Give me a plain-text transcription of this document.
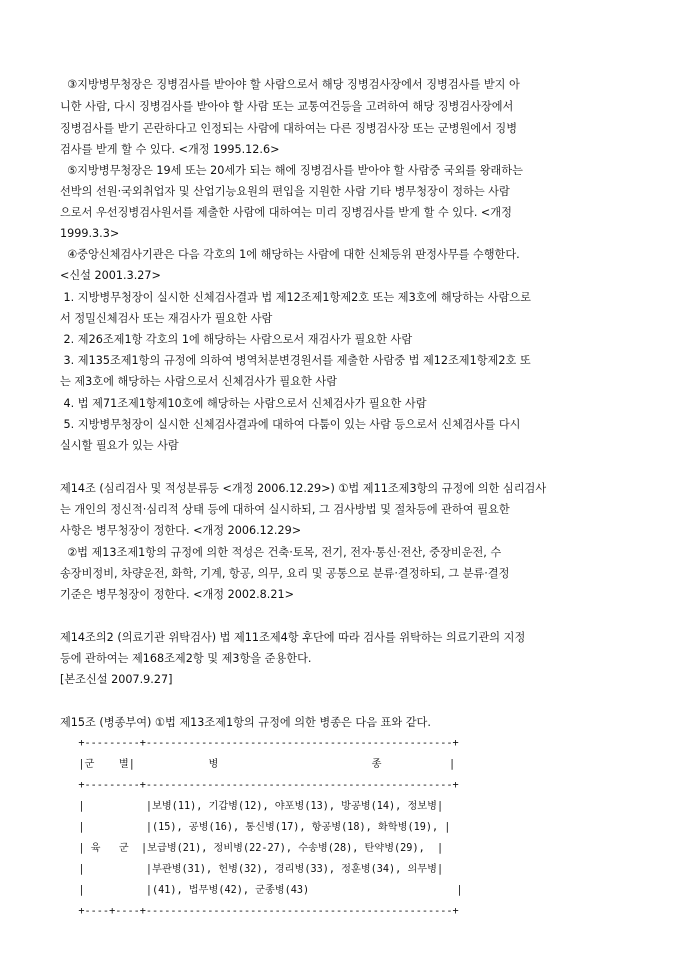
③지방병무청장은 징병검사를 받아야 할 사람으로서 해당 징병검사장에서 징병검사를 받지 아
니한 사람, 다시 징병검사를 받아야 할 사람 또는 교통여건등을 고려하여 해당 징병검사장에서
징병검사를 받기 곤란하다고 인정되는 사람에 대하여는 다른 징병검사장 또는 군병원에서 징병
검사를 받게 할 수 있다. <개정 1995.12.6>
⑤지방병무청장은 19세 또는 20세가 되는 해에 징병검사를 받아야 할 사람중 국외를 왕래하는
선박의 선원·국외취업자 및 산업기능요원의 편입을 지원한 사람 기타 병무청장이 정하는 사람
으로서 우선징병검사원서를 제출한 사람에 대하여는 미리 징병검사를 받게 할 수 있다. <개정
1999.3.3>
④중앙신체검사기관은 다음 각호의 1에 해당하는 사람에 대한 신체등위 판정사무를 수행한다.
<신설 2001.3.27>
1. 지방병무청장이 실시한 신체검사결과 법 제12조제1항제2호 또는 제3호에 해당하는 사람으로
서 정밀신체검사 또는 재검사가 필요한 사람
2. 제26조제1항 각호의 1에 해당하는 사람으로서 재검사가 필요한 사람
3. 제135조제1항의 규정에 의하여 병역처분변경원서를 제출한 사람중 법 제12조제1항제2호 또
는 제3호에 해당하는 사람으로서 신체검사가 필요한 사람
4. 법 제71조제1항제10호에 해당하는 사람으로서 신체검사가 필요한 사람
5. 지방병무청장이 실시한 신체검사결과에 대하여 다툼이 있는 사람 등으로서 신체검사를 다시
실시할 필요가 있는 사람
제14조 (심리검사 및 적성분류등 <개정 2006.12.29>) ①법 제11조제3항의 규정에 의한 심리검사
는 개인의 정신적·심리적 상태 등에 대하여 실시하되, 그 검사방법 및 절차등에 관하여 필요한
사항은 병무청장이 정한다. <개정 2006.12.29>
②법 제13조제1항의 규정에 의한 적성은 건축·토목, 전기, 전자·통신·전산, 중장비운전, 수
송장비정비, 차량운전, 화학, 기계, 항공, 의무, 요리 및 공통으로 분류·결정하되, 그 분류·결정
기준은 병무청장이 정한다. <개정 2002.8.21>
제14조의2 (의료기관 위탁검사) 법 제11조제4항 후단에 따라 검사를 위탁하는 의료기관의 지정
등에 관하여는 제168조제2항 및 제3항을 준용한다.
[본조신설 2007.9.27]
제15조 (병종부여) ①법 제13조제1항의 규정에 의한 병종은 다음 표와 같다.
+---------+--------------------------------------------------+
|군    별|            병                         종           |
+---------+--------------------------------------------------+
|          |보병(11), 기갑병(12), 야포병(13), 방공병(14), 정보병|
|          |(15), 공병(16), 통신병(17), 항공병(18), 화학병(19), |
| 육   군  |보급병(21), 정비병(22-27), 수송병(28), 탄약병(29),  |
|          |부관병(31), 헌병(32), 경리병(33), 정훈병(34), 의무병|
|          |(41), 법무병(42), 군종병(43)                        |
+----+----+--------------------------------------------------+
